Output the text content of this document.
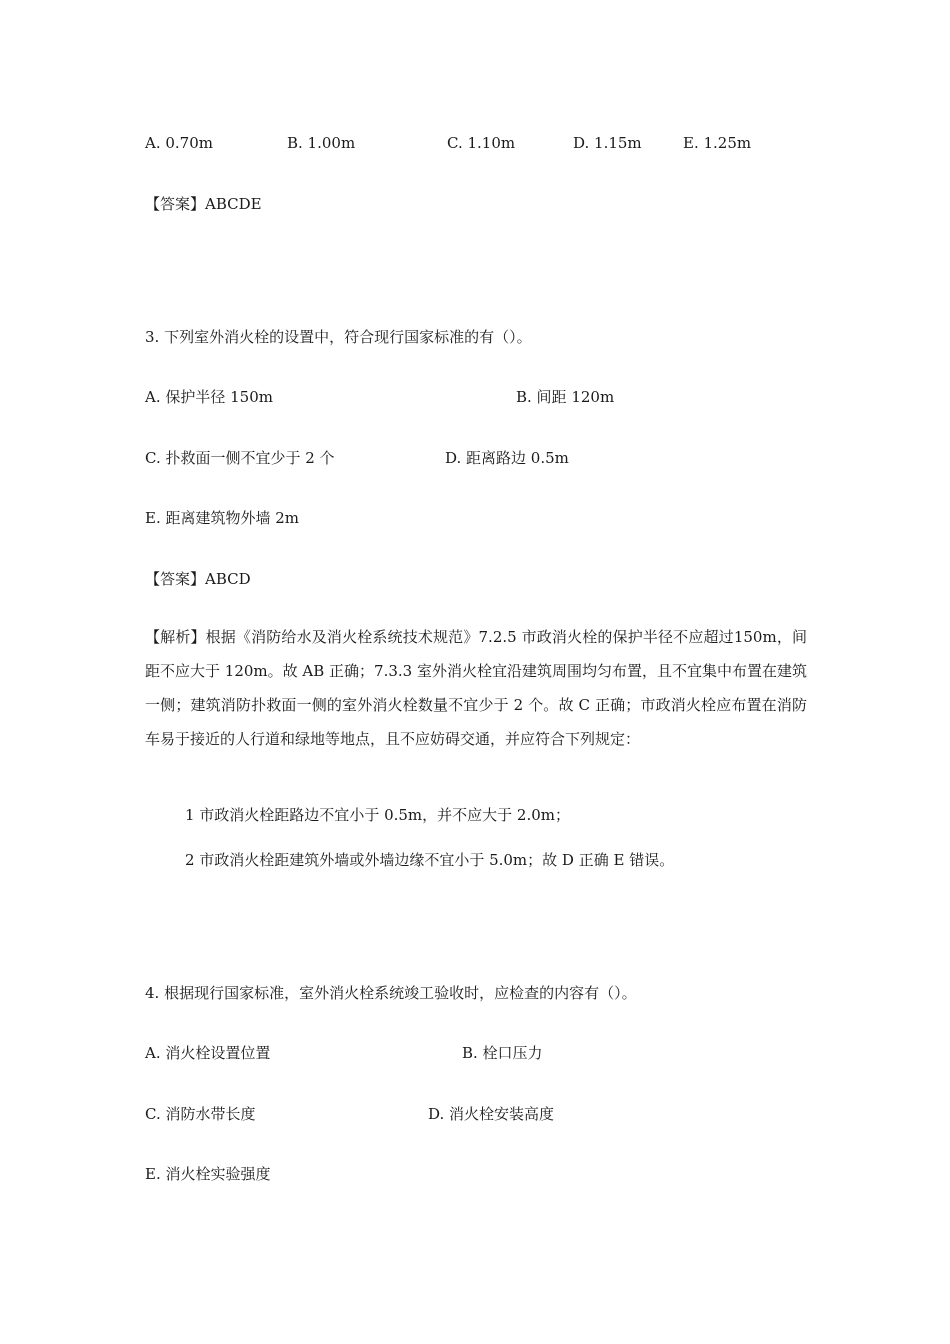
A. 0.70m	B. 1.00m	C. 1.10m	D. 1.15m	E. 1.25m
【答案】ABCDE
3. 下列室外消火栓的设置中，符合现行国家标准的有（）。
A. 保护半径 150m	B. 间距 120m
C. 扑救面一侧不宜少于 2 个	D. 距离路边 0.5m
E. 距离建筑物外墙 2m
【答案】ABCD
【解析】根据《消防给水及消火栓系统技术规范》7.2.5 市政消火栓的保护半径不应超过150m，间距不应大于 120m。故 AB 正确；7.3.3 室外消火栓宜沿建筑周围均匀布置，且不宜集中布置在建筑一侧；建筑消防扑救面一侧的室外消火栓数量不宜少于 2 个。故 C 正确；市政消火栓应布置在消防车易于接近的人行道和绿地等地点，且不应妨碍交通，并应符合下列规定：
1 市政消火栓距路边不宜小于 0.5m，并不应大于 2.0m；
2 市政消火栓距建筑外墙或外墙边缘不宜小于 5.0m；故 D 正确 E 错误。
4. 根据现行国家标准，室外消火栓系统竣工验收时，应检查的内容有（）。
A. 消火栓设置位置	B. 栓口压力
C. 消防水带长度	D. 消火栓安装高度
E. 消火栓实验强度
